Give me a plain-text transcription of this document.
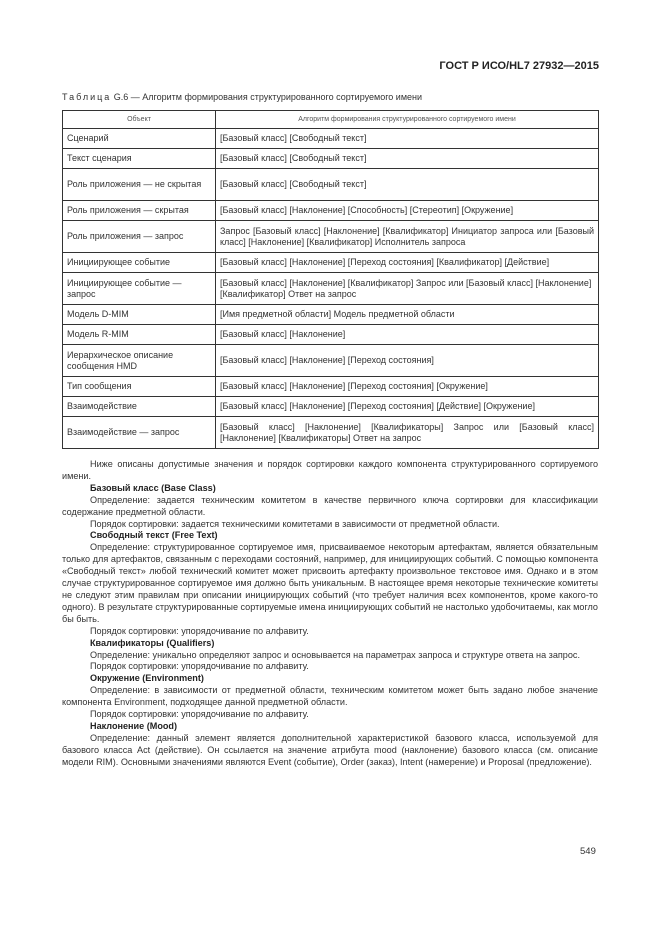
ГОСТ Р ИСО/HL7 27932—2015
Таблица G.6 — Алгоритм формирования структурированного сортируемого имени
Объект	Алгоритм формирования структурированного сортируемого имени
Сценарий	[Базовый класс] [Свободный текст]
Текст сценария	[Базовый класс] [Свободный текст]
Роль приложения — не скрытая	[Базовый класс] [Свободный текст]
Роль приложения — скрытая	[Базовый класс] [Наклонение] [Способность] [Стереотип] [Окружение]
Роль приложения — запрос	Запрос [Базовый класс] [Наклонение] [Квалификатор] Инициатор запроса или [Базовый класс] [Наклонение] [Квалификатор] Исполнитель запроса
Инициирующее событие	[Базовый класс] [Наклонение] [Переход состояния] [Квалификатор] [Действие]
Инициирующее событие — запрос	[Базовый класс] [Наклонение] [Квалификатор] Запрос или [Базовый класс] [Наклонение] [Квалификатор] Ответ на запрос
Модель D-MIM	[Имя предметной области] Модель предметной области
Модель R-MIM	[Базовый класс] [Наклонение]
Иерархическое описание сообщения HMD	[Базовый класс] [Наклонение] [Переход состояния]
Тип сообщения	[Базовый класс] [Наклонение] [Переход состояния] [Окружение]
Взаимодействие	[Базовый класс] [Наклонение] [Переход состояния] [Действие] [Окружение]
Взаимодействие — запрос	[Базовый класс] [Наклонение] [Квалификаторы] Запрос или [Базовый класс] [Наклонение] [Квалификаторы] Ответ на запрос

Ниже описаны допустимые значения и порядок сортировки каждого компонента структурированного сортируемого имени.

Базовый класс (Base Class)

Определение: задается техническим комитетом в качестве первичного ключа сортировки для классификации содержание предметной области.

Порядок сортировки: задается техническими комитетами в зависимости от предметной области.

Свободный текст (Free Text)

Определение: структурированное сортируемое имя, присваиваемое некоторым артефактам, является обязательным только для артефактов, связанным с переходами состояний, например, для инициирующих событий. С помощью компонента «Свободный текст» любой технический комитет может присвоить артефакту произвольное текстовое имя. Однако и в этом случае структурированное сортируемое имя должно быть уникальным. В настоящее время некоторые технические комитеты не следуют этим правилам при описании инициирующих событий (что требует наличия всех компонентов, кроме какого-то одного). В результате структурированные сортируемые имена инициирующих событий не настолько удобочитаемы, как могло бы быть.

Порядок сортировки: упорядочивание по алфавиту.

Квалификаторы (Qualifiers)

Определение: уникально определяют запрос и основывается на параметрах запроса и структуре ответа на запрос.

Порядок сортировки: упорядочивание по алфавиту.

Окружение (Environment)

Определение: в зависимости от предметной области, техническим комитетом может быть задано любое значение компонента Environment, подходящее данной предметной области.

Порядок сортировки: упорядочивание по алфавиту.

Наклонение (Mood)

Определение: данный элемент является дополнительной характеристикой базового класса, используемой для базового класса Act (действие). Он ссылается на значение атрибута mood (наклонение) базового класса (см. описание модели RIM). Основными значениями являются Event (событие), Order (заказ), Intent (намерение) и Proposal (предложение).

549
